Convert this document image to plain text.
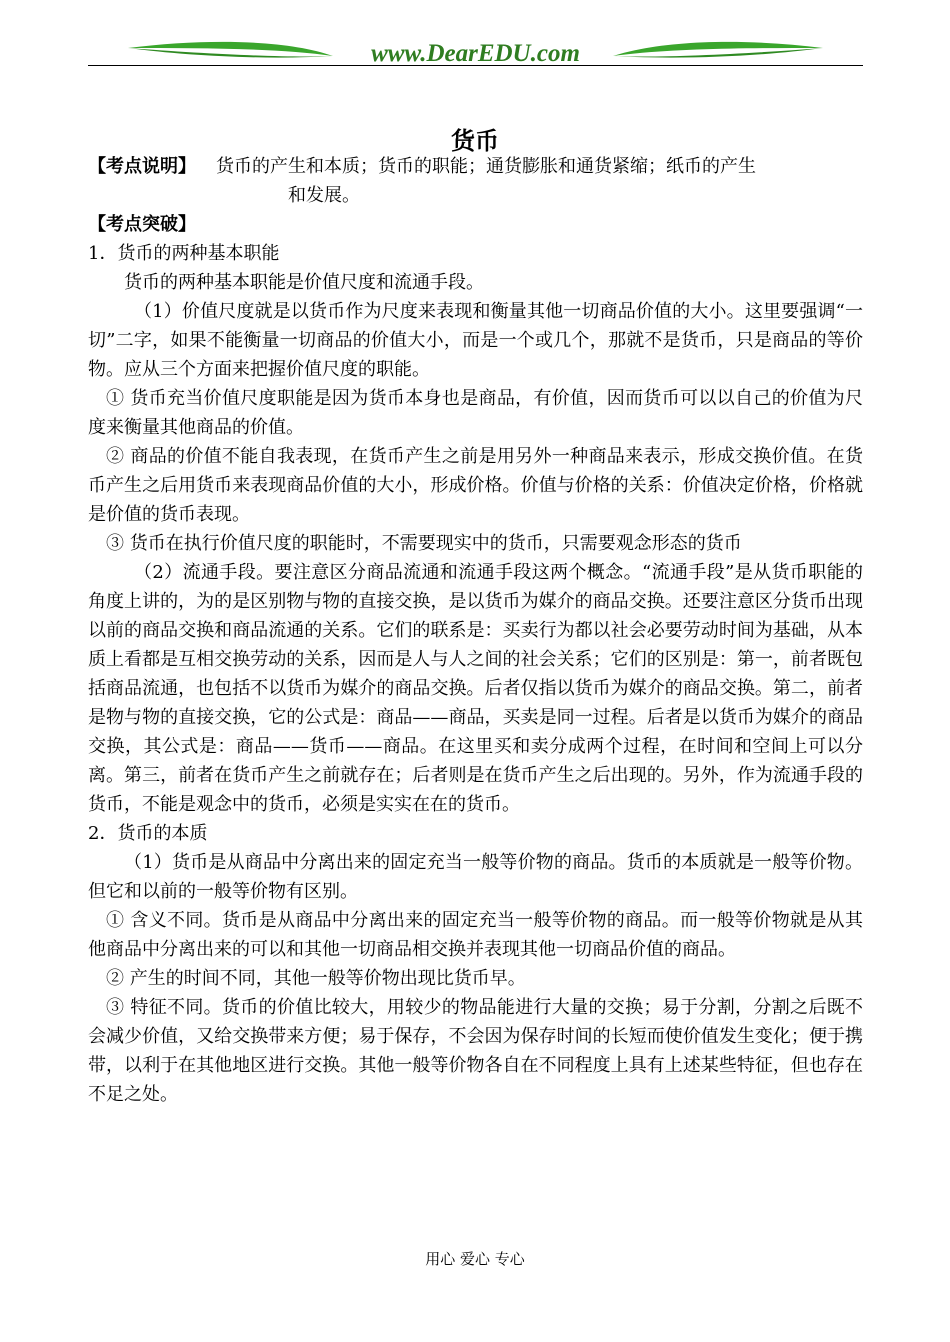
www.DearEDU.com
货币
【考点说明】	货币的产生和本质；货币的职能；通货膨胀和通货紧缩；纸币的产生

和发展。

【考点突破】

1．货币的两种基本职能

货币的两种基本职能是价值尺度和流通手段。

（1）价值尺度就是以货币作为尺度来表现和衡量其他一切商品价值的大小。这里要强调“一切”二字，如果不能衡量一切商品的价值大小，而是一个或几个，那就不是货币，只是商品的等价物。应从三个方面来把握价值尺度的职能。

① 货币充当价值尺度职能是因为货币本身也是商品，有价值，因而货币可以以自己的价值为尺度来衡量其他商品的价值。

② 商品的价值不能自我表现，在货币产生之前是用另外一种商品来表示，形成交换价值。在货币产生之后用货币来表现商品价值的大小，形成价格。价值与价格的关系：价值决定价格，价格就是价值的货币表现。

③ 货币在执行价值尺度的职能时，不需要现实中的货币，只需要观念形态的货币

（2）流通手段。要注意区分商品流通和流通手段这两个概念。“流通手段”是从货币职能的角度上讲的，为的是区别物与物的直接交换，是以货币为媒介的商品交换。还要注意区分货币出现以前的商品交换和商品流通的关系。它们的联系是：买卖行为都以社会必要劳动时间为基础，从本质上看都是互相交换劳动的关系，因而是人与人之间的社会关系；它们的区别是：第一，前者既包括商品流通，也包括不以货币为媒介的商品交换。后者仅指以货币为媒介的商品交换。第二，前者是物与物的直接交换，它的公式是：商品——商品，买卖是同一过程。后者是以货币为媒介的商品交换，其公式是：商品——货币——商品。在这里买和卖分成两个过程，在时间和空间上可以分离。第三，前者在货币产生之前就存在；后者则是在货币产生之后出现的。另外，作为流通手段的货币，不能是观念中的货币，必须是实实在在的货币。

2．货币的本质

（1）货币是从商品中分离出来的固定充当一般等价物的商品。货币的本质就是一般等价物。但它和以前的一般等价物有区别。

① 含义不同。货币是从商品中分离出来的固定充当一般等价物的商品。而一般等价物就是从其他商品中分离出来的可以和其他一切商品相交换并表现其他一切商品价值的商品。

② 产生的时间不同，其他一般等价物出现比货币早。

③ 特征不同。货币的价值比较大，用较少的物品能进行大量的交换；易于分割，分割之后既不会减少价值，又给交换带来方便；易于保存，不会因为保存时间的长短而使价值发生变化；便于携带，以利于在其他地区进行交换。其他一般等价物各自在不同程度上具有上述某些特征，但也存在不足之处。

用心 爱心 专心
